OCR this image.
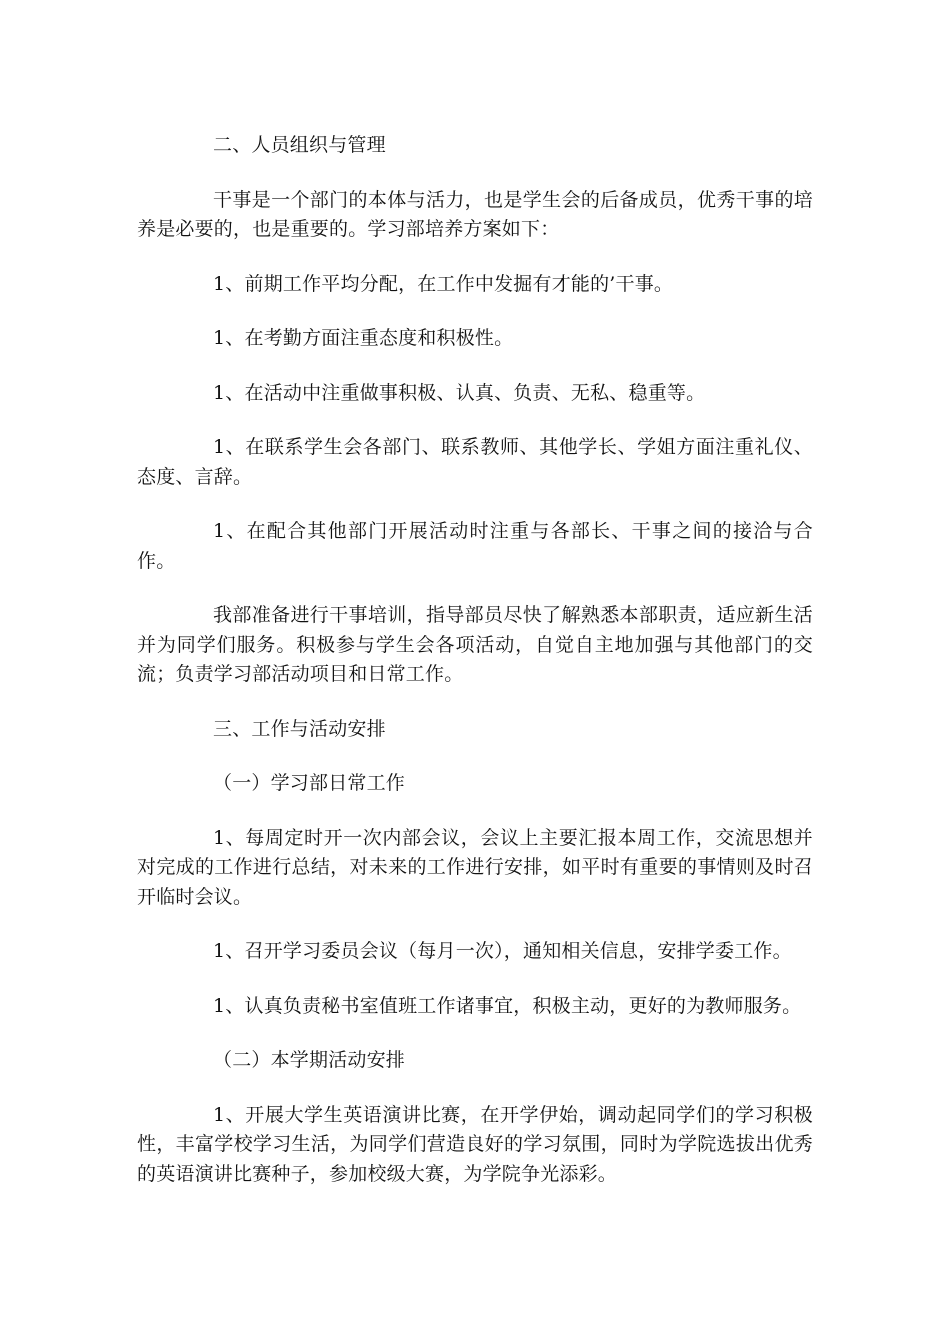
二、人员组织与管理

干事是一个部门的本体与活力，也是学生会的后备成员，优秀干事的培养是必要的，也是重要的。学习部培养方案如下：

1、前期工作平均分配，在工作中发掘有才能的’干事。

1、在考勤方面注重态度和积极性。

1、在活动中注重做事积极、认真、负责、无私、稳重等。

1、在联系学生会各部门、联系教师、其他学长、学姐方面注重礼仪、态度、言辞。

1、在配合其他部门开展活动时注重与各部长、干事之间的接洽与合作。

我部准备进行干事培训，指导部员尽快了解熟悉本部职责，适应新生活并为同学们服务。积极参与学生会各项活动，自觉自主地加强与其他部门的交流；负责学习部活动项目和日常工作。

三、工作与活动安排

（一）学习部日常工作

1、每周定时开一次内部会议，会议上主要汇报本周工作，交流思想并对完成的工作进行总结，对未来的工作进行安排，如平时有重要的事情则及时召开临时会议。

1、召开学习委员会议（每月一次），通知相关信息，安排学委工作。

1、认真负责秘书室值班工作诸事宜，积极主动，更好的为教师服务。

（二）本学期活动安排

1、开展大学生英语演讲比赛，在开学伊始，调动起同学们的学习积极性，丰富学校学习生活，为同学们营造良好的学习氛围，同时为学院选拔出优秀的英语演讲比赛种子，参加校级大赛，为学院争光添彩。
